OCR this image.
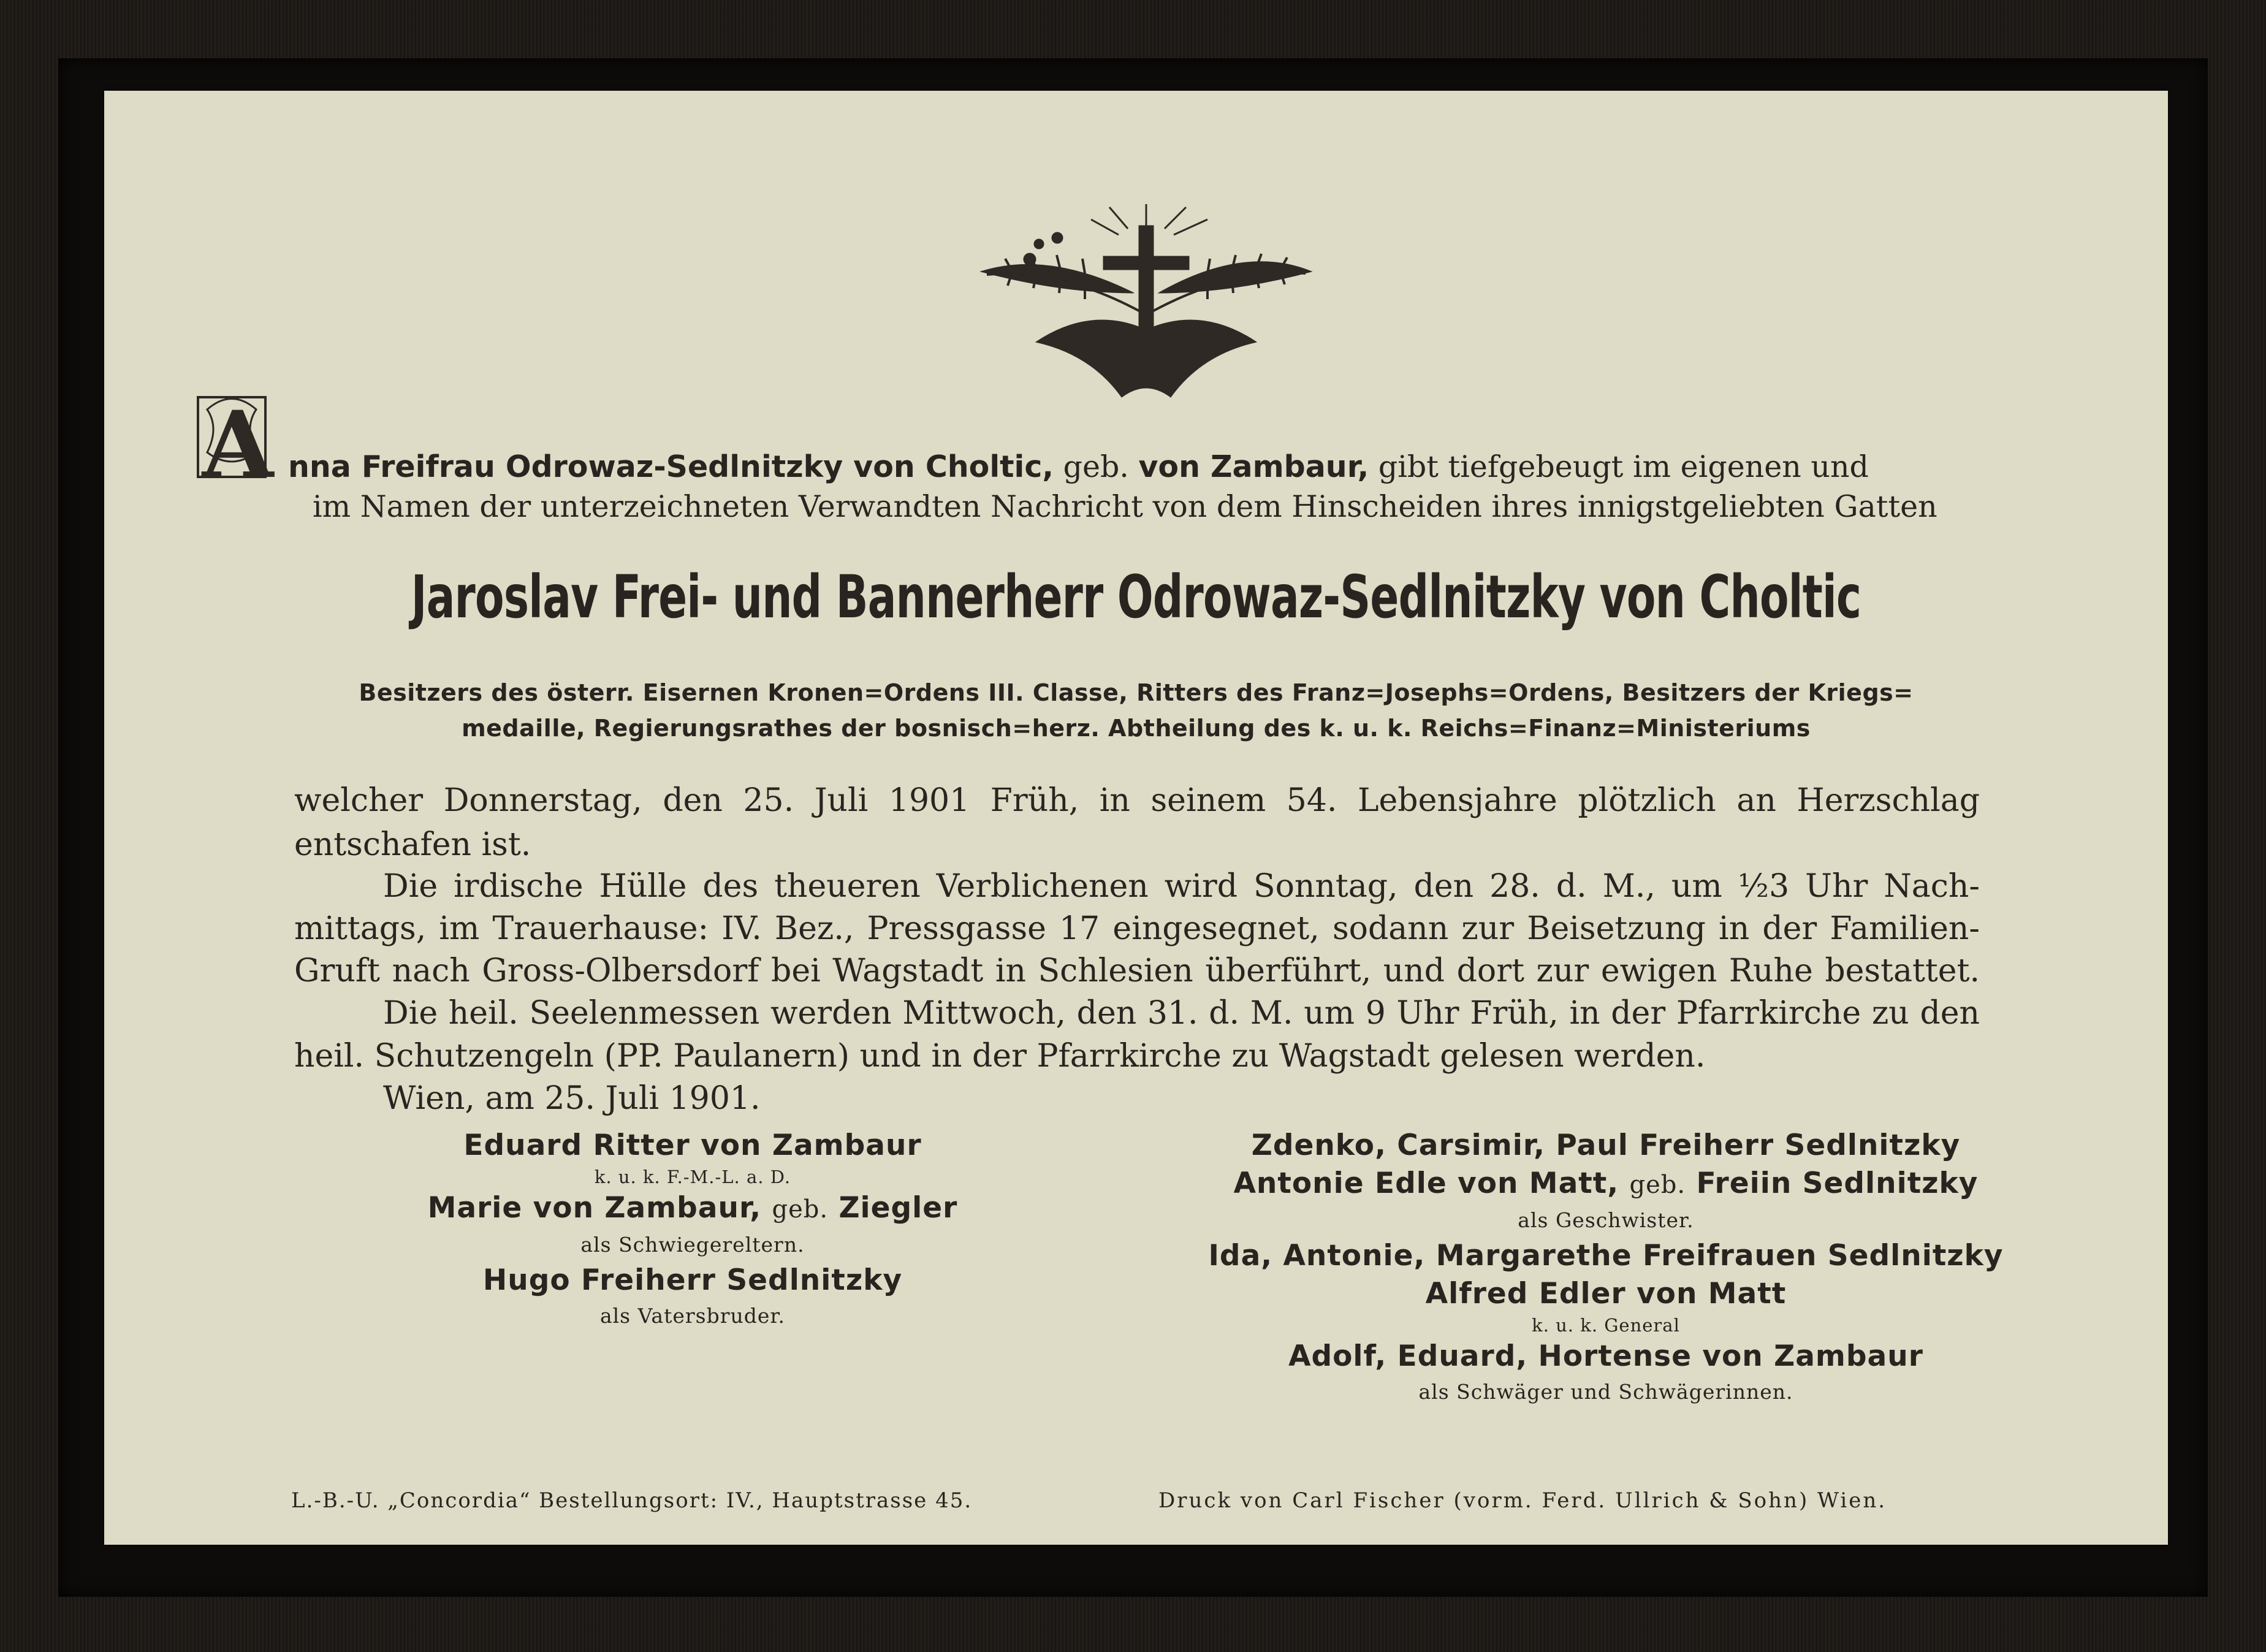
A nna Freifrau Odrowaz-Sedlnitzky von Choltic, geb. von Zambaur, gibt tiefgebeugt im eigenen und
im Namen der unterzeichneten Verwandten Nachricht von dem Hinscheiden ihres innigstgeliebten Gatten
Jaroslav Frei- und Bannerherr Odrowaz-Sedlnitzky von Choltic
Besitzers des österr. Eisernen Kronen=Ordens III. Classe, Ritters des Franz=Josephs=Ordens, Besitzers der Kriegs=
medaille, Regierungsrathes der bosnisch=herz. Abtheilung des k. u. k. Reichs=Finanz=Ministeriums
welcher Donnerstag, den 25. Juli 1901 Früh, in seinem 54. Lebensjahre plötzlich an Herzschlag
entschafen ist.
Die irdische Hülle des theueren Verblichenen wird Sonntag, den 28. d. M., um ½3 Uhr Nach-
mittags, im Trauerhause: IV. Bez., Pressgasse 17 eingesegnet, sodann zur Beisetzung in der Familien-
Gruft nach Gross-Olbersdorf bei Wagstadt in Schlesien überführt, und dort zur ewigen Ruhe bestattet.
Die heil. Seelenmessen werden Mittwoch, den 31. d. M. um 9 Uhr Früh, in der Pfarrkirche zu den
heil. Schutzengeln (PP. Paulanern) und in der Pfarrkirche zu Wagstadt gelesen werden.
Wien, am 25. Juli 1901.
Eduard Ritter von Zambaur
k. u. k. F.-M.-L. a. D.
Marie von Zambaur, geb. Ziegler
als Schwiegereltern.
Hugo Freiherr Sedlnitzky
als Vatersbruder.
Zdenko, Carsimir, Paul Freiherr Sedlnitzky
Antonie Edle von Matt, geb. Freiin Sedlnitzky
als Geschwister.
Ida, Antonie, Margarethe Freifrauen Sedlnitzky
Alfred Edler von Matt
k. u. k. General
Adolf, Eduard, Hortense von Zambaur
als Schwäger und Schwägerinnen.
L.-B.-U. „Concordia“ Bestellungsort: IV., Hauptstrasse 45.	Druck von Carl Fischer (vorm. Ferd. Ullrich & Sohn) Wien.
